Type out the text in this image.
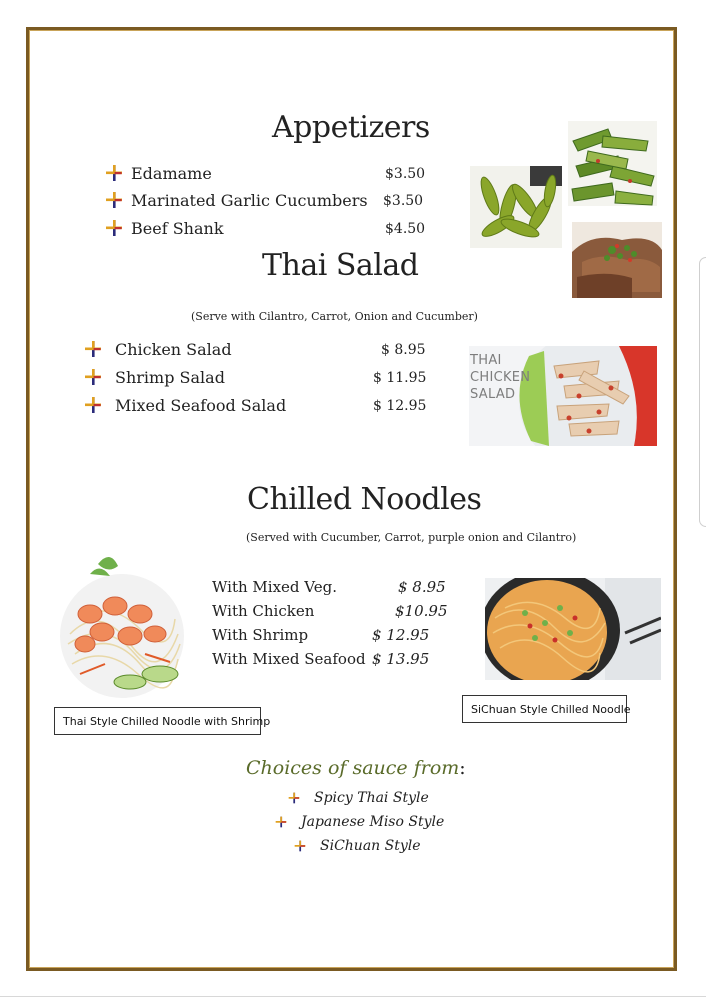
Appetizers
Edamame	$3.50
Marinated Garlic Cucumbers $3.50
Beef Shank	$4.50
Thai Salad
(Serve with Cilantro, Carrot, Onion and Cucumber)
Chicken Salad	$ 8.95
Shrimp Salad	$ 11.95
Mixed Seafood Salad	$ 12.95
THAI
CHICKEN
SALAD
Chilled Noodles
(Served with Cucumber, Carrot, purple onion and Cilantro)
With Mixed Veg.	$ 8.95
With Chicken	$10.95
With Shrimp	$ 12.95
With Mixed Seafood $ 13.95
Thai Style Chilled Noodle with Shrimp
SiChuan Style Chilled Noodle
Choices of sauce from:
Spicy Thai Style
Japanese Miso Style
SiChuan Style
